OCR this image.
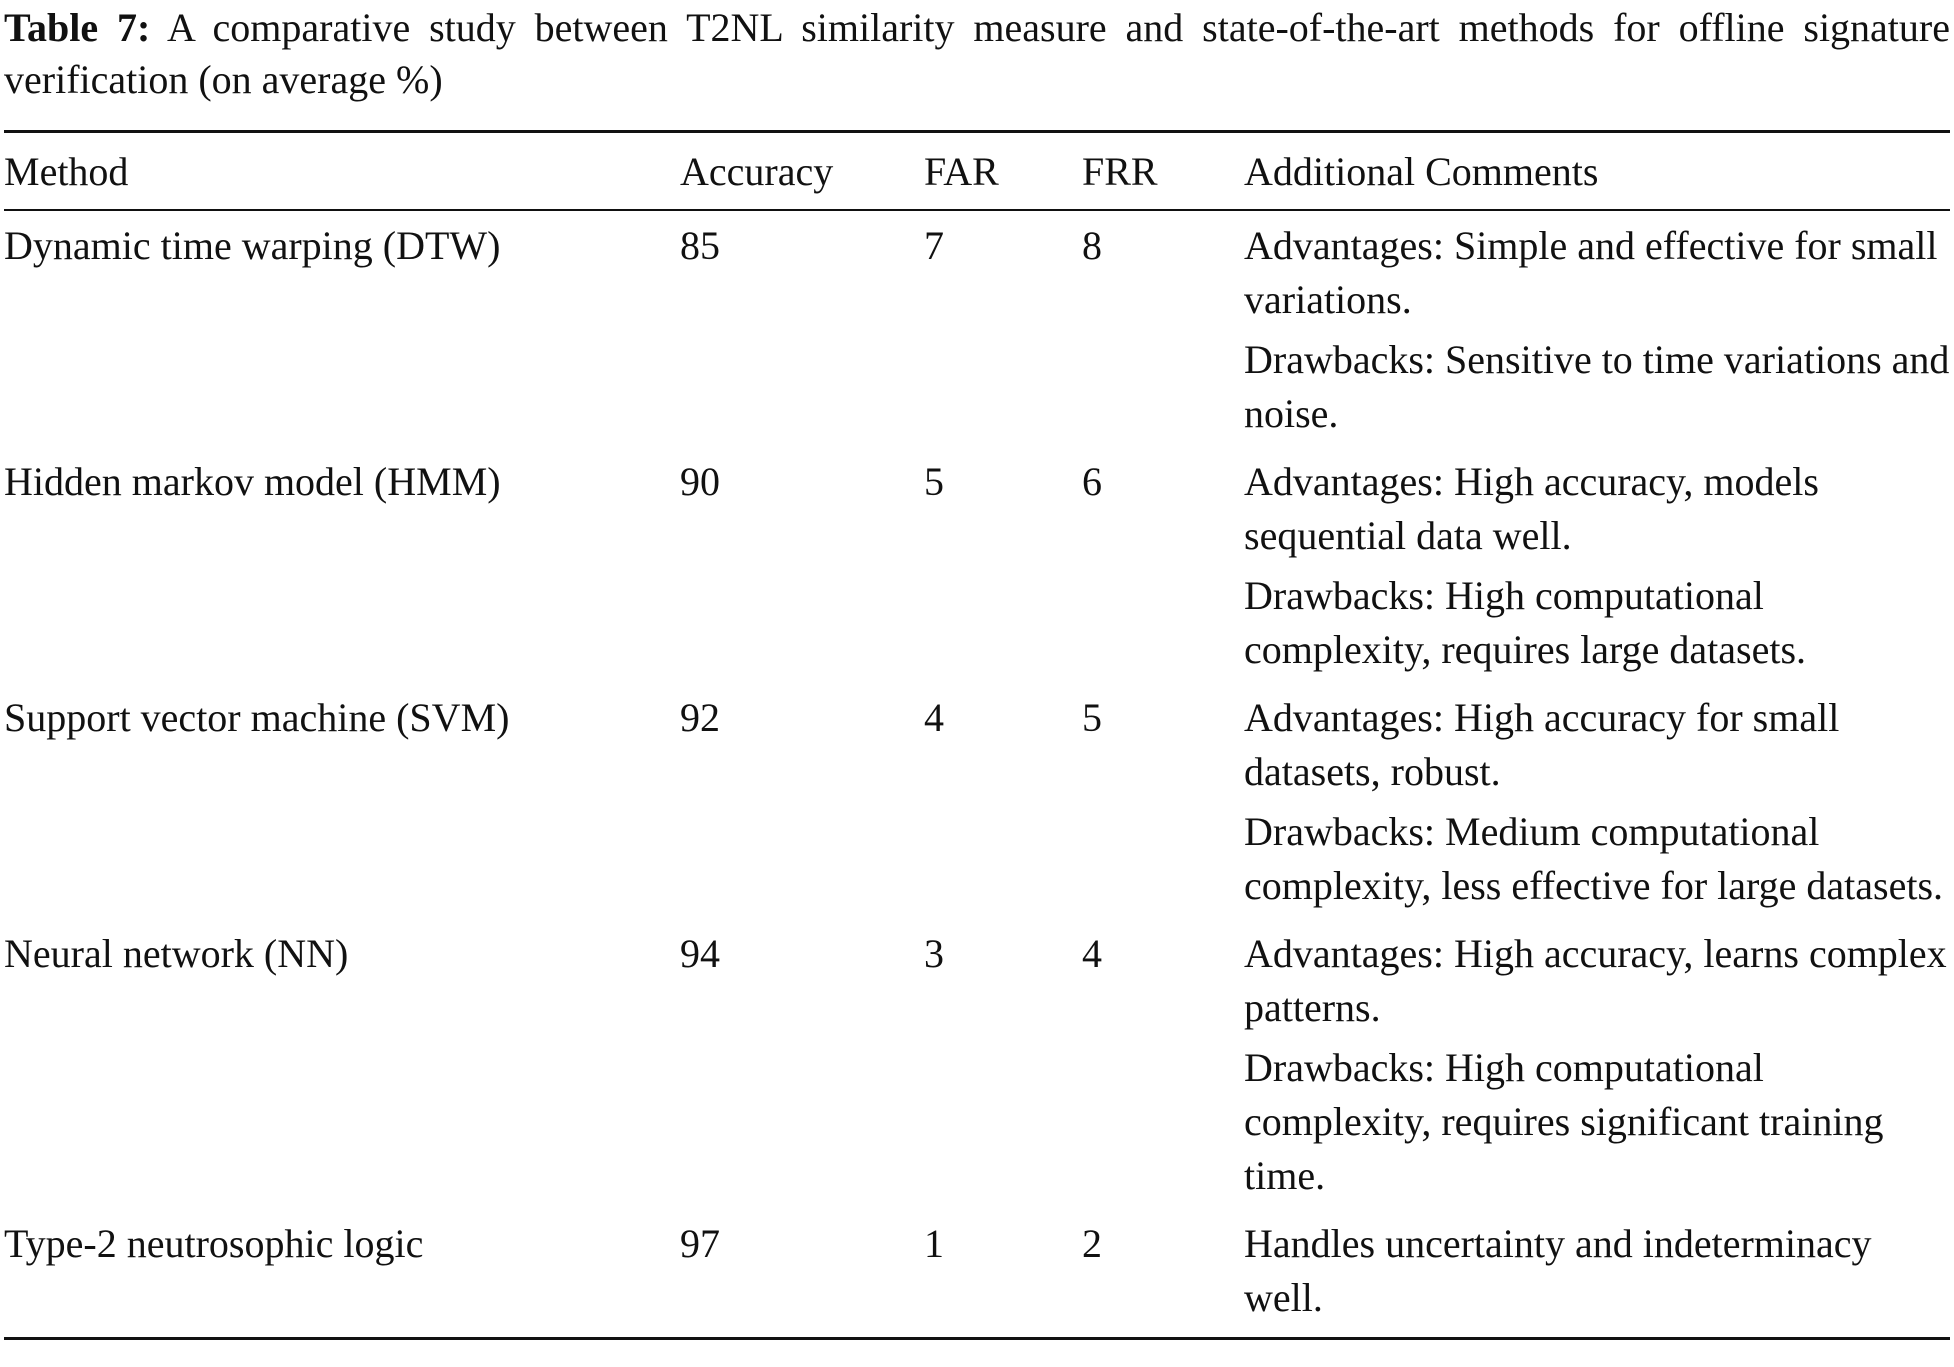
Table 7: A comparative study between T2NL similarity measure and state-of-the-art methods for offline signature verification (on average %)
Method	Accuracy	FAR	FRR	Additional Comments

Dynamic time warping (DTW)	85	7	8	Advantages: Simple and effective for small variations.
Drawbacks: Sensitive to time variations and noise.

Hidden markov model (HMM)	90	5	6	Advantages: High accuracy, models sequential data well.
Drawbacks: High computational complexity, requires large datasets.

Support vector machine (SVM)	92	4	5	Advantages: High accuracy for small datasets, robust.
Drawbacks: Medium computational complexity, less effective for large datasets.

Neural network (NN)	94	3	4	Advantages: High accuracy, learns complex patterns.
Drawbacks: High computational complexity, requires significant training time.

Type-2 neutrosophic logic	97	1	2	Handles uncertainty and indeterminacy well.
